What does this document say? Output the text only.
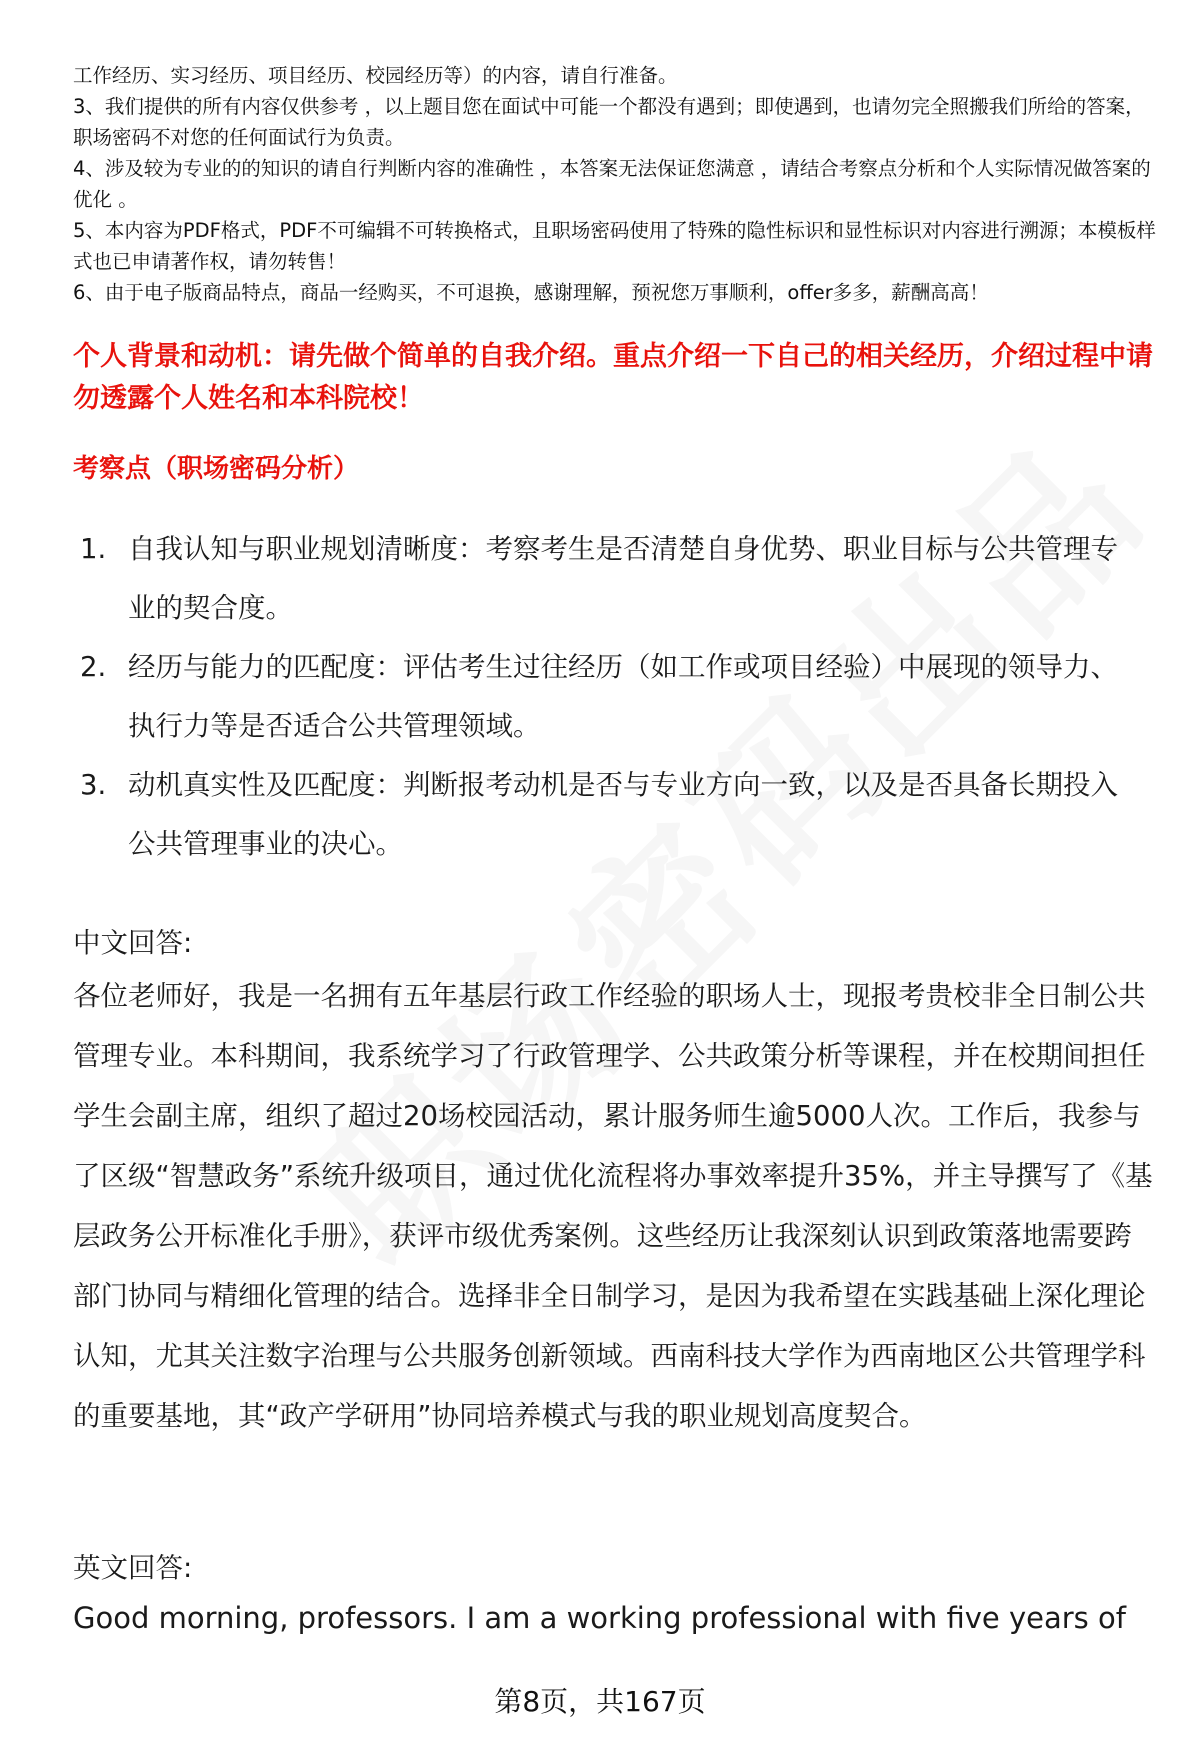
工作经历、实习经历、项目经历、校园经历等）的内容，请自行准备。

3、我们提供的所有内容仅供参考 ，以上题目您在面试中可能一个都没有遇到；即使遇到，也请勿完全照搬我们所给的答案，职场密码不对您的任何面试行为负责。

4、涉及较为专业的的知识的请自行判断内容的准确性 ，本答案无法保证您满意 ，请结合考察点分析和个人实际情况做答案的优化 。

5、本内容为PDF格式，PDF不可编辑不可转换格式，且职场密码使用了特殊的隐性标识和显性标识对内容进行溯源；本模板样式也已申请著作权，请勿转售！

6、由于电子版商品特点，商品一经购买，不可退换，感谢理解，预祝您万事顺利，offer多多，薪酬高高！

个人背景和动机：请先做个简单的自我介绍。重点介绍一下自己的相关经历，介绍过程中请勿透露个人姓名和本科院校！

考察点（职场密码分析）

1. 自我认知与职业规划清晰度：考察考生是否清楚自身优势、职业目标与公共管理专业的契合度。
2. 经历与能力的匹配度：评估考生过往经历（如工作或项目经验）中展现的领导力、执行力等是否适合公共管理领域。
3. 动机真实性及匹配度：判断报考动机是否与专业方向一致，以及是否具备长期投入公共管理事业的决心。

中文回答:

各位老师好，我是一名拥有五年基层行政工作经验的职场人士，现报考贵校非全日制公共管理专业。本科期间，我系统学习了行政管理学、公共政策分析等课程，并在校期间担任学生会副主席，组织了超过20场校园活动，累计服务师生逾5000人次。工作后，我参与了区级“智慧政务”系统升级项目，通过优化流程将办事效率提升35%，并主导撰写了《基层政务公开标准化手册》，获评市级优秀案例。这些经历让我深刻认识到政策落地需要跨部门协同与精细化管理的结合。选择非全日制学习，是因为我希望在实践基础上深化理论认知，尤其关注数字治理与公共服务创新领域。西南科技大学作为西南地区公共管理学科的重要基地，其“政产学研用”协同培养模式与我的职业规划高度契合。

英文回答:

Good morning, professors. I am a working professional with five years of

第8页，共167页
